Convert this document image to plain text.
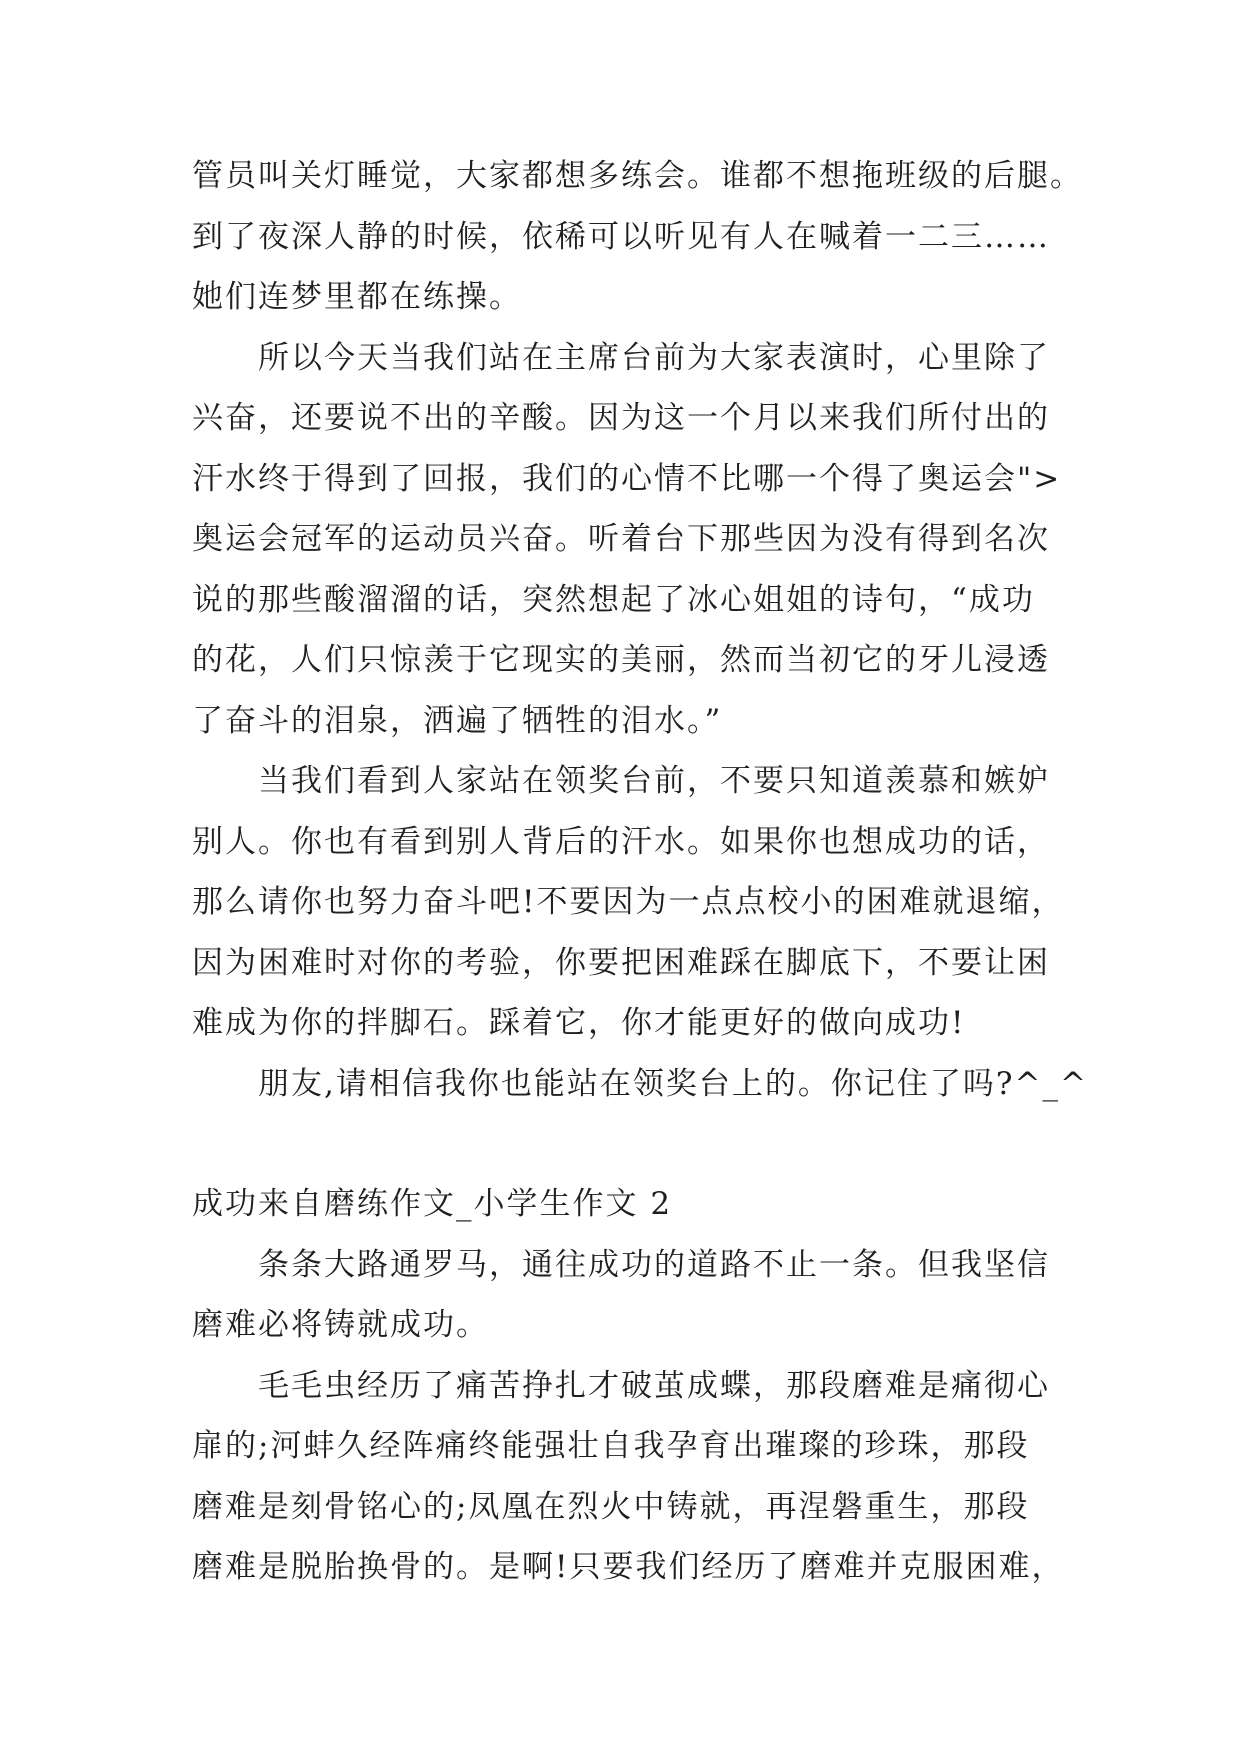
管员叫关灯睡觉，大家都想多练会。谁都不想拖班级的后腿。
到了夜深人静的时候，依稀可以听见有人在喊着一二三……
她们连梦里都在练操。
所以今天当我们站在主席台前为大家表演时，心里除了
兴奋，还要说不出的辛酸。因为这一个月以来我们所付出的
汗水终于得到了回报，我们的心情不比哪一个得了奥运会">
奥运会冠军的运动员兴奋。听着台下那些因为没有得到名次
说的那些酸溜溜的话，突然想起了冰心姐姐的诗句，“成功
的花，人们只惊羡于它现实的美丽，然而当初它的牙儿浸透
了奋斗的泪泉，洒遍了牺牲的泪水。”
当我们看到人家站在领奖台前，不要只知道羡慕和嫉妒
别人。你也有看到别人背后的汗水。如果你也想成功的话，
那么请你也努力奋斗吧!不要因为一点点校小的困难就退缩，
因为困难时对你的考验，你要把困难踩在脚底下，不要让困
难成为你的拌脚石。踩着它，你才能更好的做向成功!
朋友,请相信我你也能站在领奖台上的。你记住了吗?^_^
成功来自磨练作文_小学生作文 2
条条大路通罗马，通往成功的道路不止一条。但我坚信
磨难必将铸就成功。
毛毛虫经历了痛苦挣扎才破茧成蝶，那段磨难是痛彻心
扉的;河蚌久经阵痛终能强壮自我孕育出璀璨的珍珠，那段
磨难是刻骨铭心的;凤凰在烈火中铸就，再涅磐重生，那段
磨难是脱胎换骨的。是啊!只要我们经历了磨难并克服困难，
